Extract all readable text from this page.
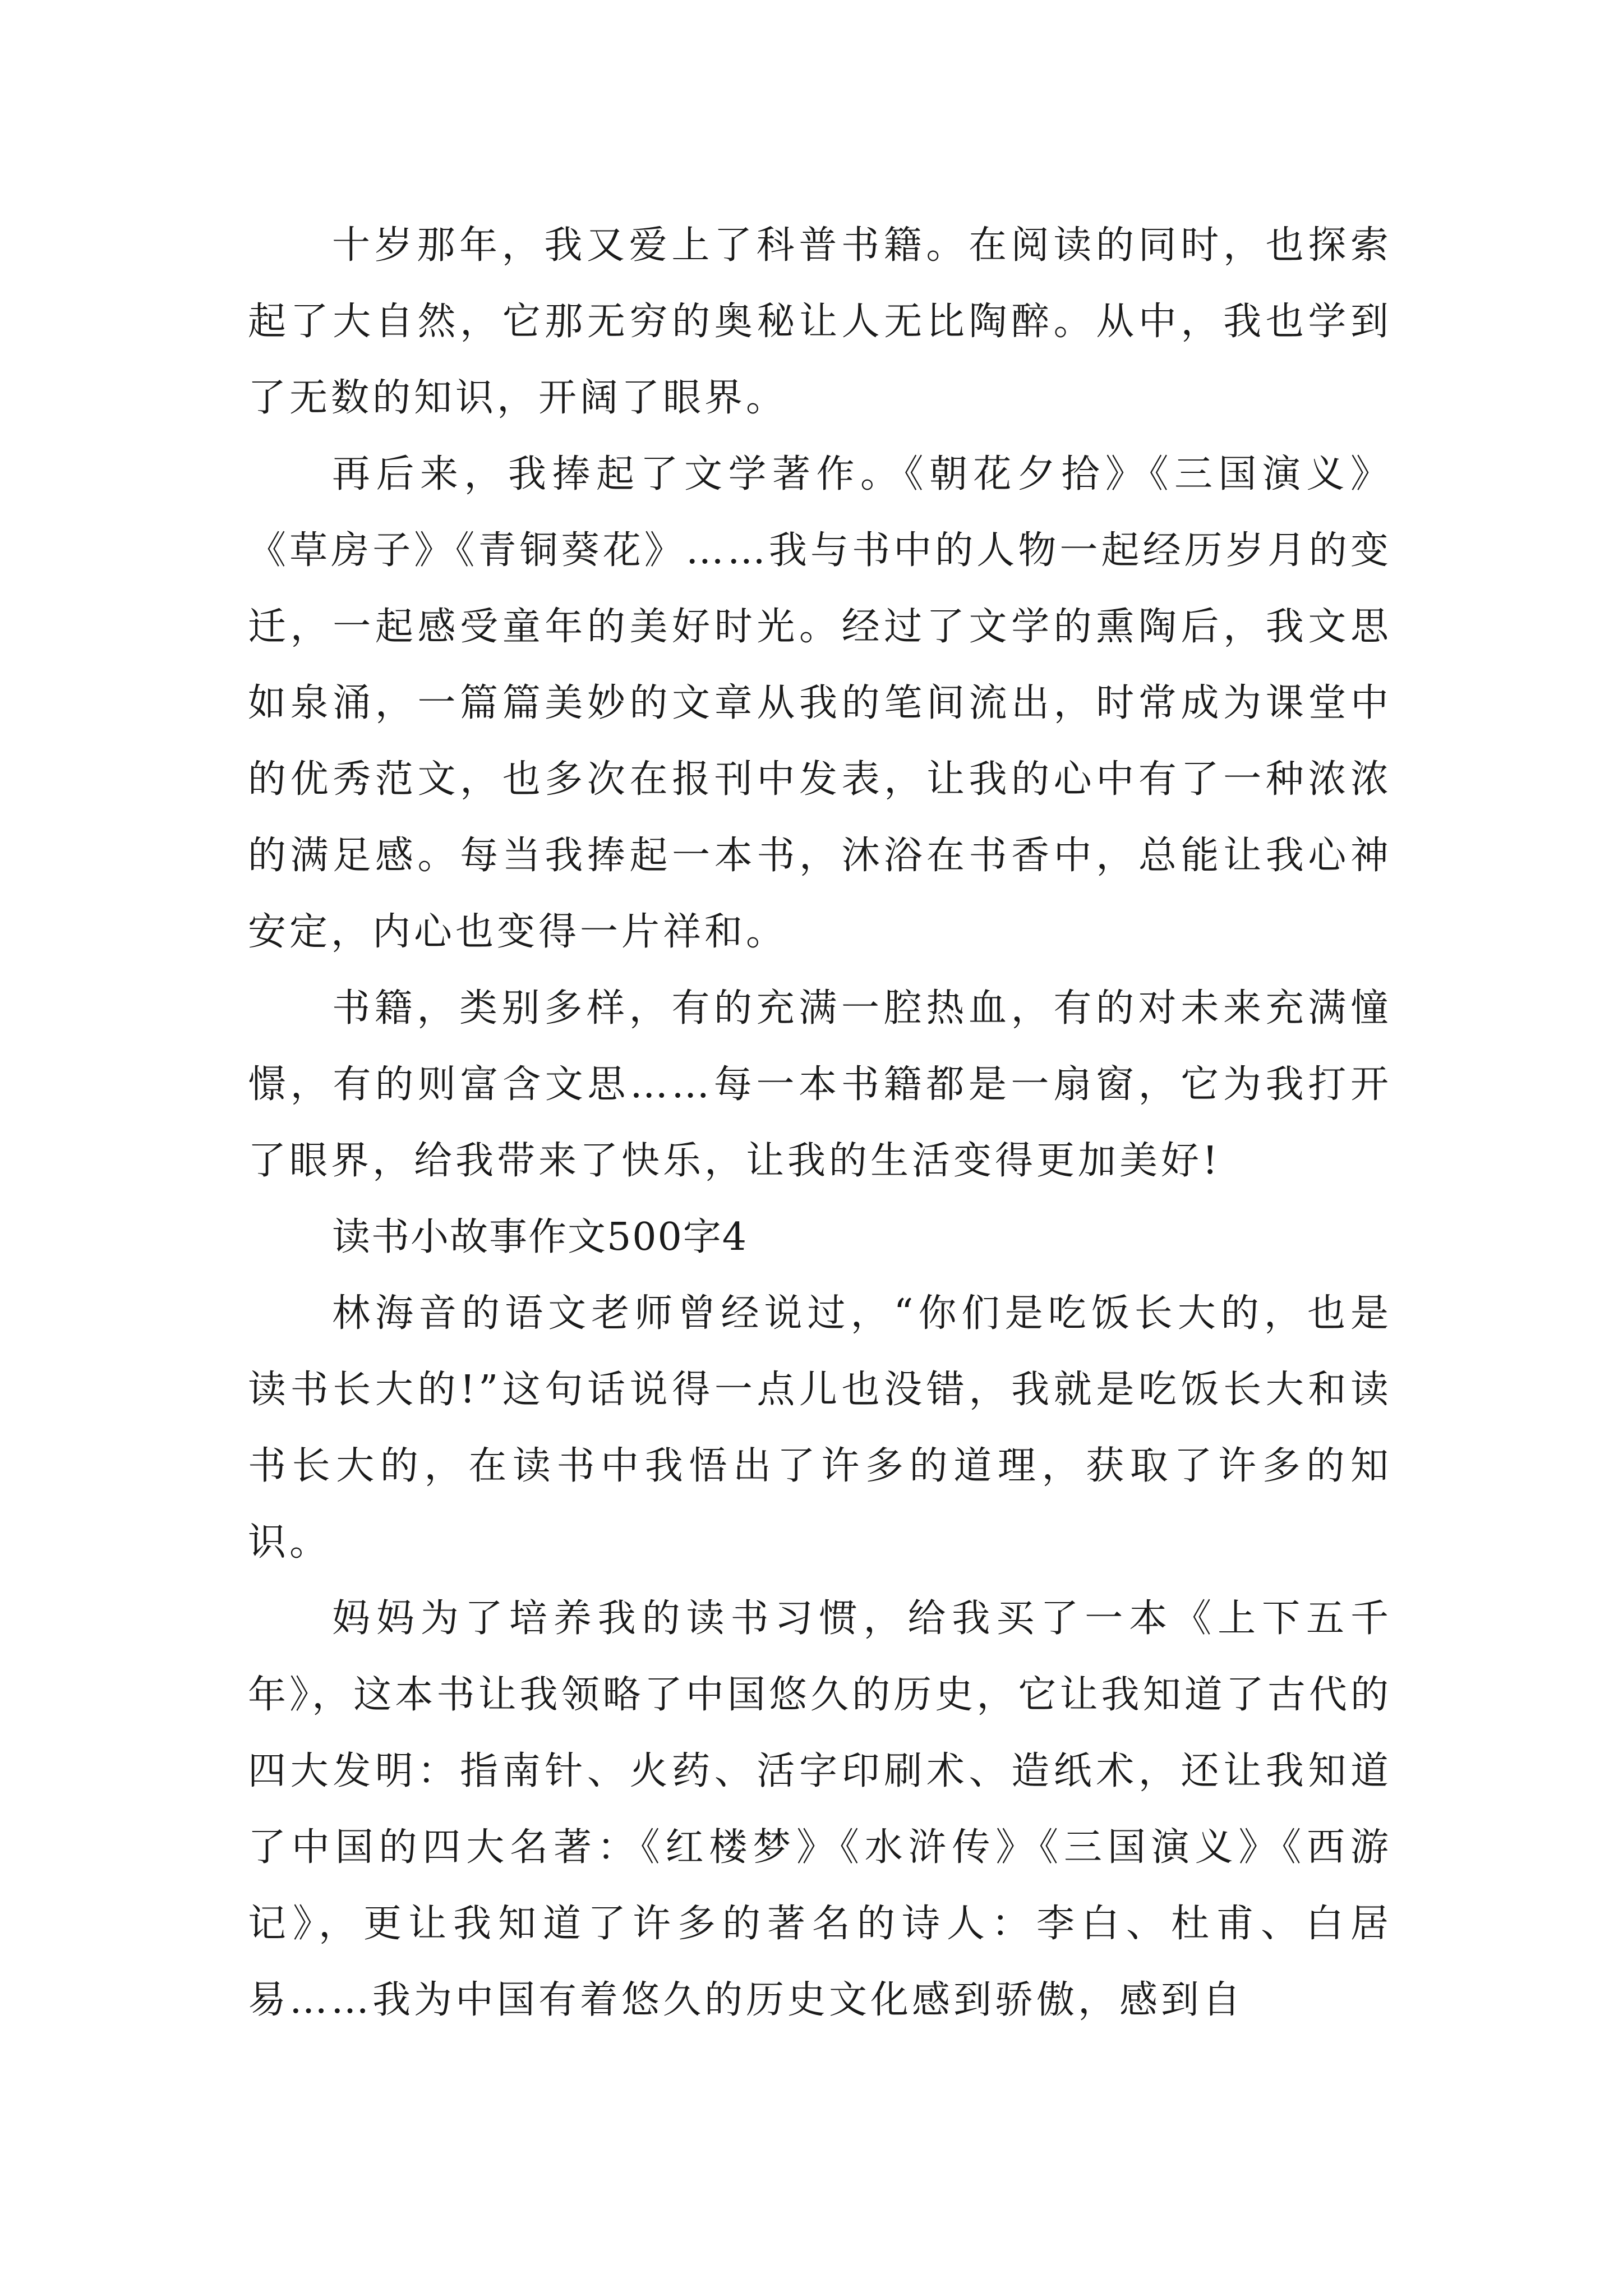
十岁那年，我又爱上了科普书籍。在阅读的同时，也探索起了大自然，它那无穷的奥秘让人无比陶醉。从中，我也学到了无数的知识，开阔了眼界。

再后来，我捧起了文学著作。《朝花夕拾》《三国演义》《草房子》《青铜葵花》……我与书中的人物一起经历岁月的变迁，一起感受童年的美好时光。经过了文学的熏陶后，我文思如泉涌，一篇篇美妙的文章从我的笔间流出，时常成为课堂中的优秀范文，也多次在报刊中发表，让我的心中有了一种浓浓的满足感。每当我捧起一本书，沐浴在书香中，总能让我心神安定，内心也变得一片祥和。

书籍，类别多样，有的充满一腔热血，有的对未来充满憧憬，有的则富含文思……每一本书籍都是一扇窗，它为我打开了眼界，给我带来了快乐，让我的生活变得更加美好!

读书小故事作文500字4

林海音的语文老师曾经说过，“你们是吃饭长大的，也是读书长大的!”这句话说得一点儿也没错，我就是吃饭长大和读书长大的，在读书中我悟出了许多的道理，获取了许多的知识。

妈妈为了培养我的读书习惯，给我买了一本《上下五千年》，这本书让我领略了中国悠久的历史，它让我知道了古代的四大发明：指南针、火药、活字印刷术、造纸术，还让我知道了中国的四大名著：《红楼梦》《水浒传》《三国演义》《西游记》，更让我知道了许多的著名的诗人：李白、杜甫、白居易……我为中国有着悠久的历史文化感到骄傲，感到自
